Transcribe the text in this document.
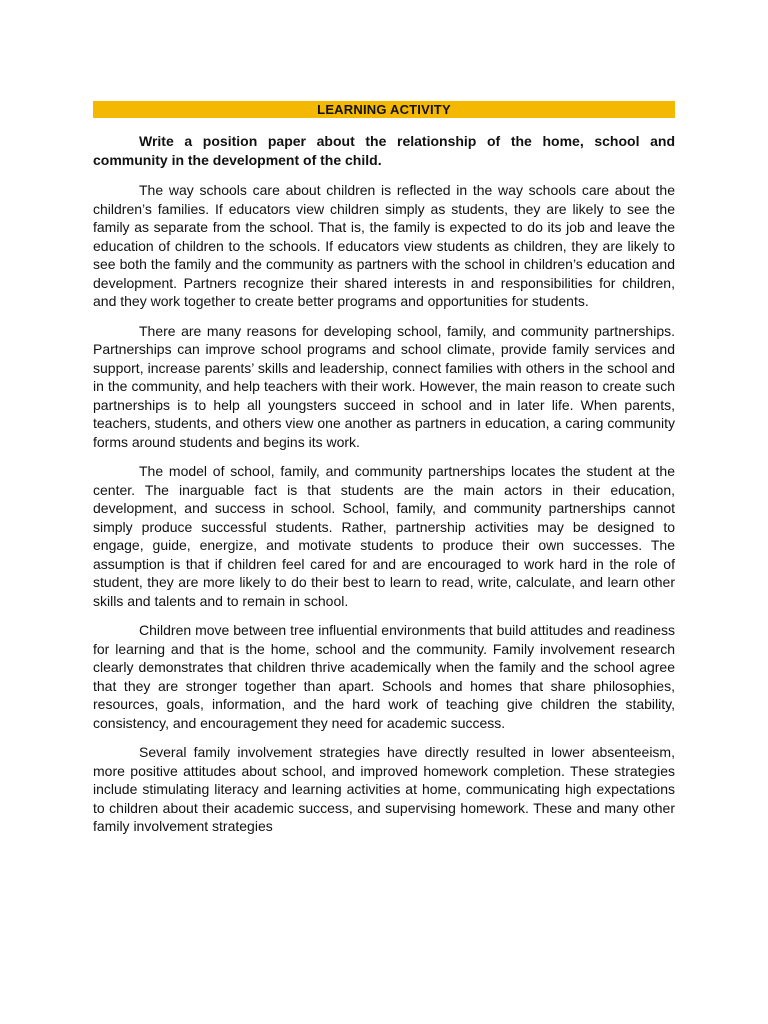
LEARNING ACTIVITY
Write a position paper about the relationship of the home, school and community in the development of the child.
The way schools care about children is reflected in the way schools care about the children’s families. If educators view children simply as students, they are likely to see the family as separate from the school. That is, the family is expected to do its job and leave the education of children to the schools. If educators view students as children, they are likely to see both the family and the community as partners with the school in children’s education and development. Partners recognize their shared interests in and responsibilities for children, and they work together to create better programs and opportunities for students.
There are many reasons for developing school, family, and community partnerships. Partnerships can improve school programs and school climate, provide family services and support, increase parents’ skills and leadership, connect families with others in the school and in the community, and help teachers with their work. However, the main reason to create such partnerships is to help all youngsters succeed in school and in later life. When parents, teachers, students, and others view one another as partners in education, a caring community forms around students and begins its work.
The model of school, family, and community partnerships locates the student at the center. The inarguable fact is that students are the main actors in their education, development, and success in school. School, family, and community partnerships cannot simply produce successful students. Rather, partnership activities may be designed to engage, guide, energize, and motivate students to produce their own successes. The assumption is that if children feel cared for and are encouraged to work hard in the role of student, they are more likely to do their best to learn to read, write, calculate, and learn other skills and talents and to remain in school.
Children move between tree influential environments that build attitudes and readiness for learning and that is the home, school and the community. Family involvement research clearly demonstrates that children thrive academically when the family and the school agree that they are stronger together than apart. Schools and homes that share philosophies, resources, goals, information, and the hard work of teaching give children the stability, consistency, and encouragement they need for academic success.
Several family involvement strategies have directly resulted in lower absenteeism, more positive attitudes about school, and improved homework completion. These strategies include stimulating literacy and learning activities at home, communicating high expectations to children about their academic success, and supervising homework. These and many other family involvement strategies
